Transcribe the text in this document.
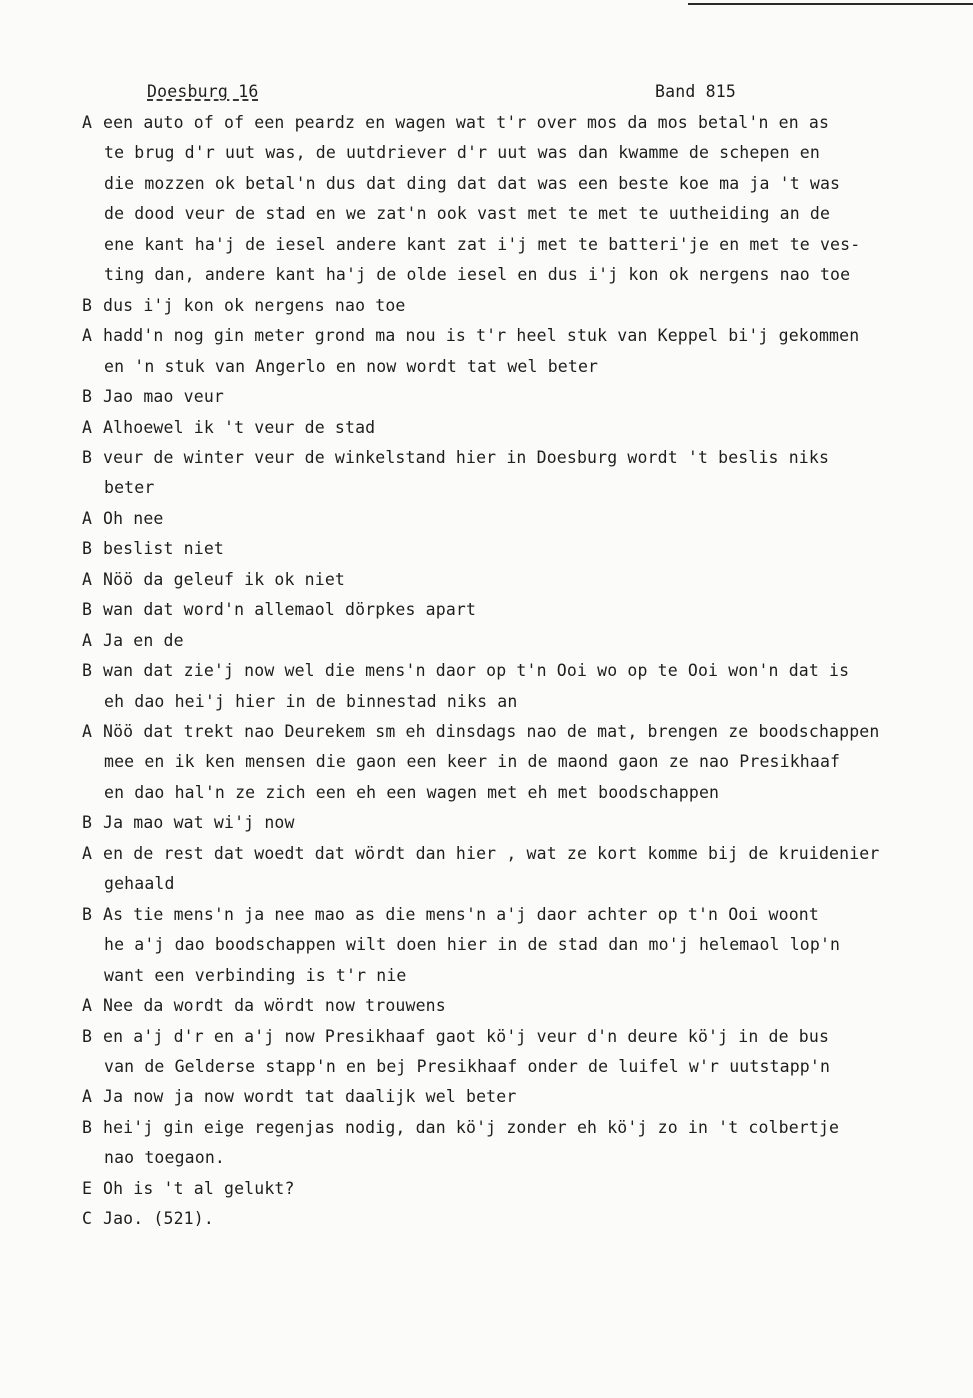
Doesburg 16	Band 815
A een auto of of een peardz en wagen wat t'r over mos da mos betal'n en as
te brug d'r uut was, de uutdriever d'r uut was dan kwamme de schepen en
die mozzen ok betal'n dus dat ding dat dat was een beste koe ma ja 't was
de dood veur de stad en we zat'n ook vast met te met te uutheiding an de
ene kant ha'j de iesel andere kant zat i'j met te batteri'je en met te ves-
ting dan, andere kant ha'j de olde iesel en dus i'j kon ok nergens nao toe
B dus i'j kon ok nergens nao toe
A hadd'n nog gin meter grond ma nou is t'r heel stuk van Keppel bi'j gekommen
en 'n stuk van Angerlo en now wordt tat wel beter
B Jao mao veur
A Alhoewel ik 't veur de stad
B veur de winter veur de winkelstand hier in Doesburg wordt 't beslis niks
beter
A Oh nee
B beslist niet
A Nöö da geleuf ik ok niet
B wan dat word'n allemaol dörpkes apart
A Ja en de
B wan dat zie'j now wel die mens'n daor op t'n Ooi wo op te Ooi won'n dat is
eh dao hei'j hier in de binnestad niks an
A Nöö dat trekt nao Deurekem sm eh dinsdags nao de mat, brengen ze boodschappen
mee en ik ken mensen die gaon een keer in de maond gaon ze nao Presikhaaf
en dao hal'n ze zich een eh een wagen met eh met boodschappen
B Ja mao wat wi'j now
A en de rest dat woedt dat wördt dan hier , wat ze kort komme bij de kruidenier
gehaald
B As tie mens'n ja nee mao as die mens'n a'j daor achter op t'n Ooi woont
he a'j dao boodschappen wilt doen hier in de stad dan mo'j helemaol lop'n
want een verbinding is t'r nie
A Nee da wordt da wördt now trouwens
B en a'j d'r en a'j now Presikhaaf gaot kö'j veur d'n deure kö'j in de bus
van de Gelderse stapp'n en bej Presikhaaf onder de luifel w'r uutstapp'n
A Ja now ja now wordt tat daalijk wel beter
B hei'j gin eige regenjas nodig, dan kö'j zonder eh kö'j zo in 't colbertje
nao toegaon.
E Oh is 't al gelukt?
C Jao. (521).
